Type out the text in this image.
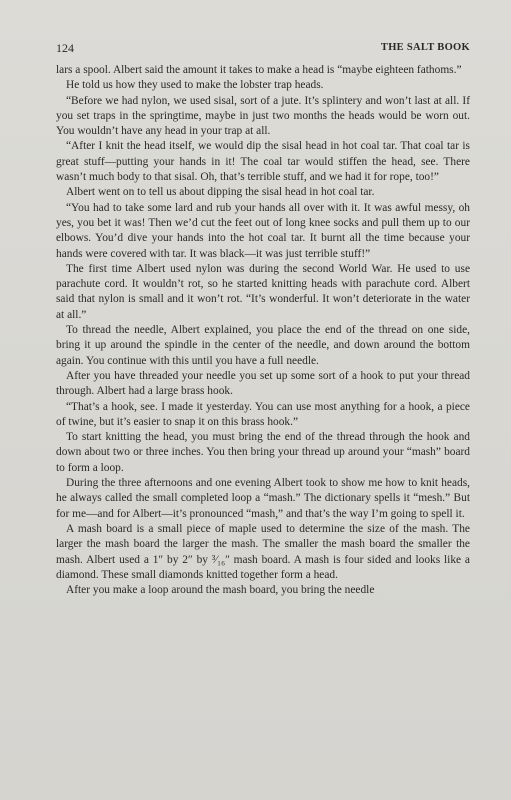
124	THE SALT BOOK

lars a spool. Albert said the amount it takes to make a head is “maybe eighteen fathoms.”

He told us how they used to make the lobster trap heads.

“Before we had nylon, we used sisal, sort of a jute. It’s splintery and won’t last at all. If you set traps in the springtime, maybe in just two months the heads would be worn out. You wouldn’t have any head in your trap at all.

“After I knit the head itself, we would dip the sisal head in hot coal tar. That coal tar is great stuff—putting your hands in it! The coal tar would stiffen the head, see. There wasn’t much body to that sisal. Oh, that’s terrible stuff, and we had it for rope, too!”

Albert went on to tell us about dipping the sisal head in hot coal tar.

“You had to take some lard and rub your hands all over with it. It was awful messy, oh yes, you bet it was! Then we’d cut the feet out of long knee socks and pull them up to our elbows. You’d dive your hands into the hot coal tar. It burnt all the time because your hands were covered with tar. It was black—it was just terrible stuff!”

The first time Albert used nylon was during the second World War. He used to use parachute cord. It wouldn’t rot, so he started knitting heads with parachute cord. Albert said that nylon is small and it won’t rot. “It’s wonderful. It won’t deteriorate in the water at all.”

To thread the needle, Albert explained, you place the end of the thread on one side, bring it up around the spindle in the center of the needle, and down around the bottom again. You continue with this until you have a full needle.

After you have threaded your needle you set up some sort of a hook to put your thread through. Albert had a large brass hook.

“That’s a hook, see. I made it yesterday. You can use most anything for a hook, a piece of twine, but it’s easier to snap it on this brass hook.”

To start knitting the head, you must bring the end of the thread through the hook and down about two or three inches. You then bring your thread up around your “mash” board to form a loop.

During the three afternoons and one evening Albert took to show me how to knit heads, he always called the small completed loop a “mash.” The dictionary spells it “mesh.” But for me—and for Albert—it’s pronounced “mash,” and that’s the way I’m going to spell it.

A mash board is a small piece of maple used to determine the size of the mash. The larger the mash board the larger the mash. The smaller the mash board the smaller the mash. Albert used a 1″ by 2″ by ³⁄₁₆″ mash board. A mash is four sided and looks like a diamond. These small diamonds knitted together form a head.

After you make a loop around the mash board, you bring the needle
